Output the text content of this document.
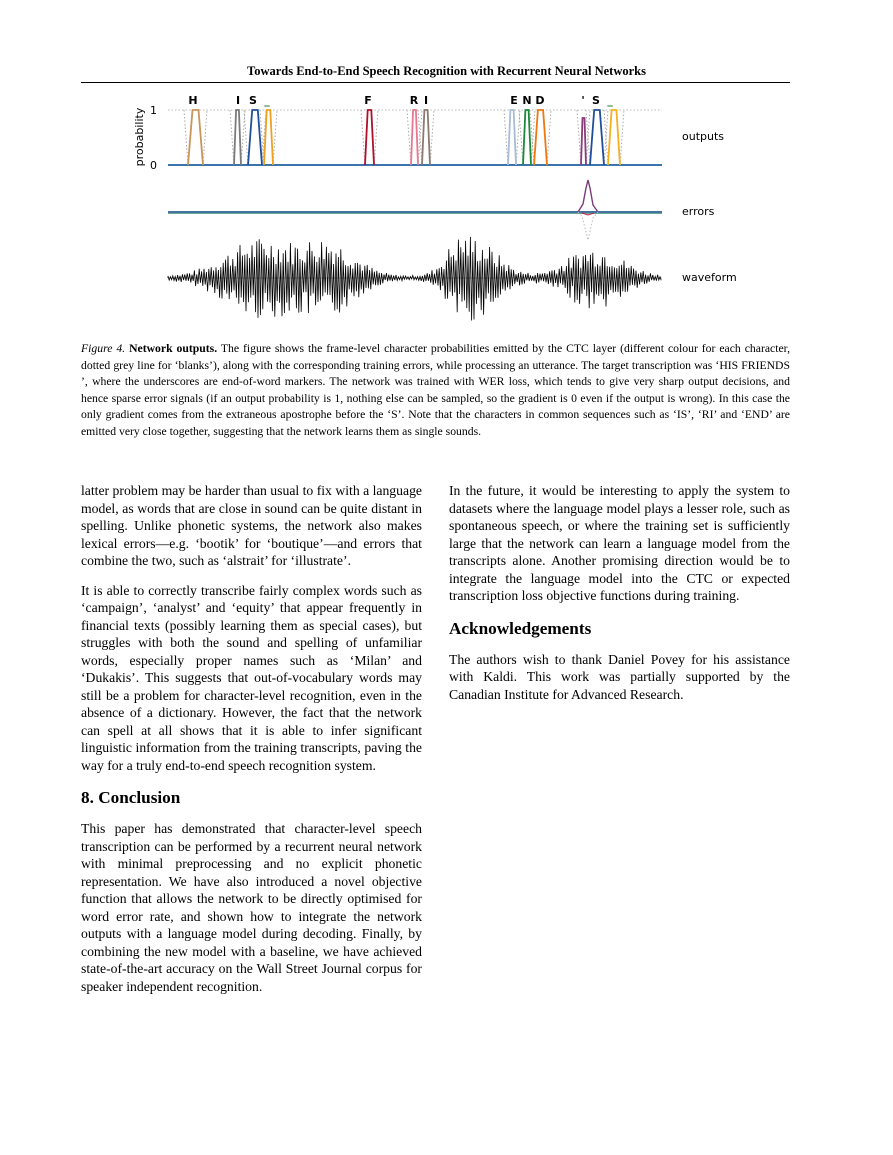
Towards End-to-End Speech Recognition with Recurrent Neural Networks
probability 1
0
H	I S _	F	R I	E N D	' S _
outputs
errors
waveform
Figure 4. Network outputs. The figure shows the frame-level character probabilities emitted by the CTC layer (different colour for each character, dotted grey line for ‘blanks’), along with the corresponding training errors, while processing an utterance. The target transcription was ‘HIS FRIENDS ’, where the underscores are end-of-word markers. The network was trained with WER loss, which tends to give very sharp output decisions, and hence sparse error signals (if an output probability is 1, nothing else can be sampled, so the gradient is 0 even if the output is wrong). In this case the only gradient comes from the extraneous apostrophe before the ‘S’. Note that the characters in common sequences such as ‘IS’, ‘RI’ and ‘END’ are emitted very close together, suggesting that the network learns them as single sounds.

latter problem may be harder than usual to fix with a language model, as words that are close in sound can be quite distant in spelling. Unlike phonetic systems, the network also makes lexical errors—e.g. ‘bootik’ for ‘boutique’—and errors that combine the two, such as ‘alstrait’ for ‘illustrate’.

It is able to correctly transcribe fairly complex words such as ‘campaign’, ‘analyst’ and ‘equity’ that appear frequently in financial texts (possibly learning them as special cases), but struggles with both the sound and spelling of unfamiliar words, especially proper names such as ‘Milan’ and ‘Dukakis’. This suggests that out-of-vocabulary words may still be a problem for character-level recognition, even in the absence of a dictionary. However, the fact that the network can spell at all shows that it is able to infer significant linguistic information from the training transcripts, paving the way for a truly end-to-end speech recognition system.

8. Conclusion

This paper has demonstrated that character-level speech transcription can be performed by a recurrent neural network with minimal preprocessing and no explicit phonetic representation. We have also introduced a novel objective function that allows the network to be directly optimised for word error rate, and shown how to integrate the network outputs with a language model during decoding. Finally, by combining the new model with a baseline, we have achieved state-of-the-art accuracy on the Wall Street Journal corpus for speaker independent recognition.

In the future, it would be interesting to apply the system to datasets where the language model plays a lesser role, such as spontaneous speech, or where the training set is sufficiently large that the network can learn a language model from the transcripts alone. Another promising direction would be to integrate the language model into the CTC or expected transcription loss objective functions during training.

Acknowledgements

The authors wish to thank Daniel Povey for his assistance with Kaldi. This work was partially supported by the Canadian Institute for Advanced Research.
